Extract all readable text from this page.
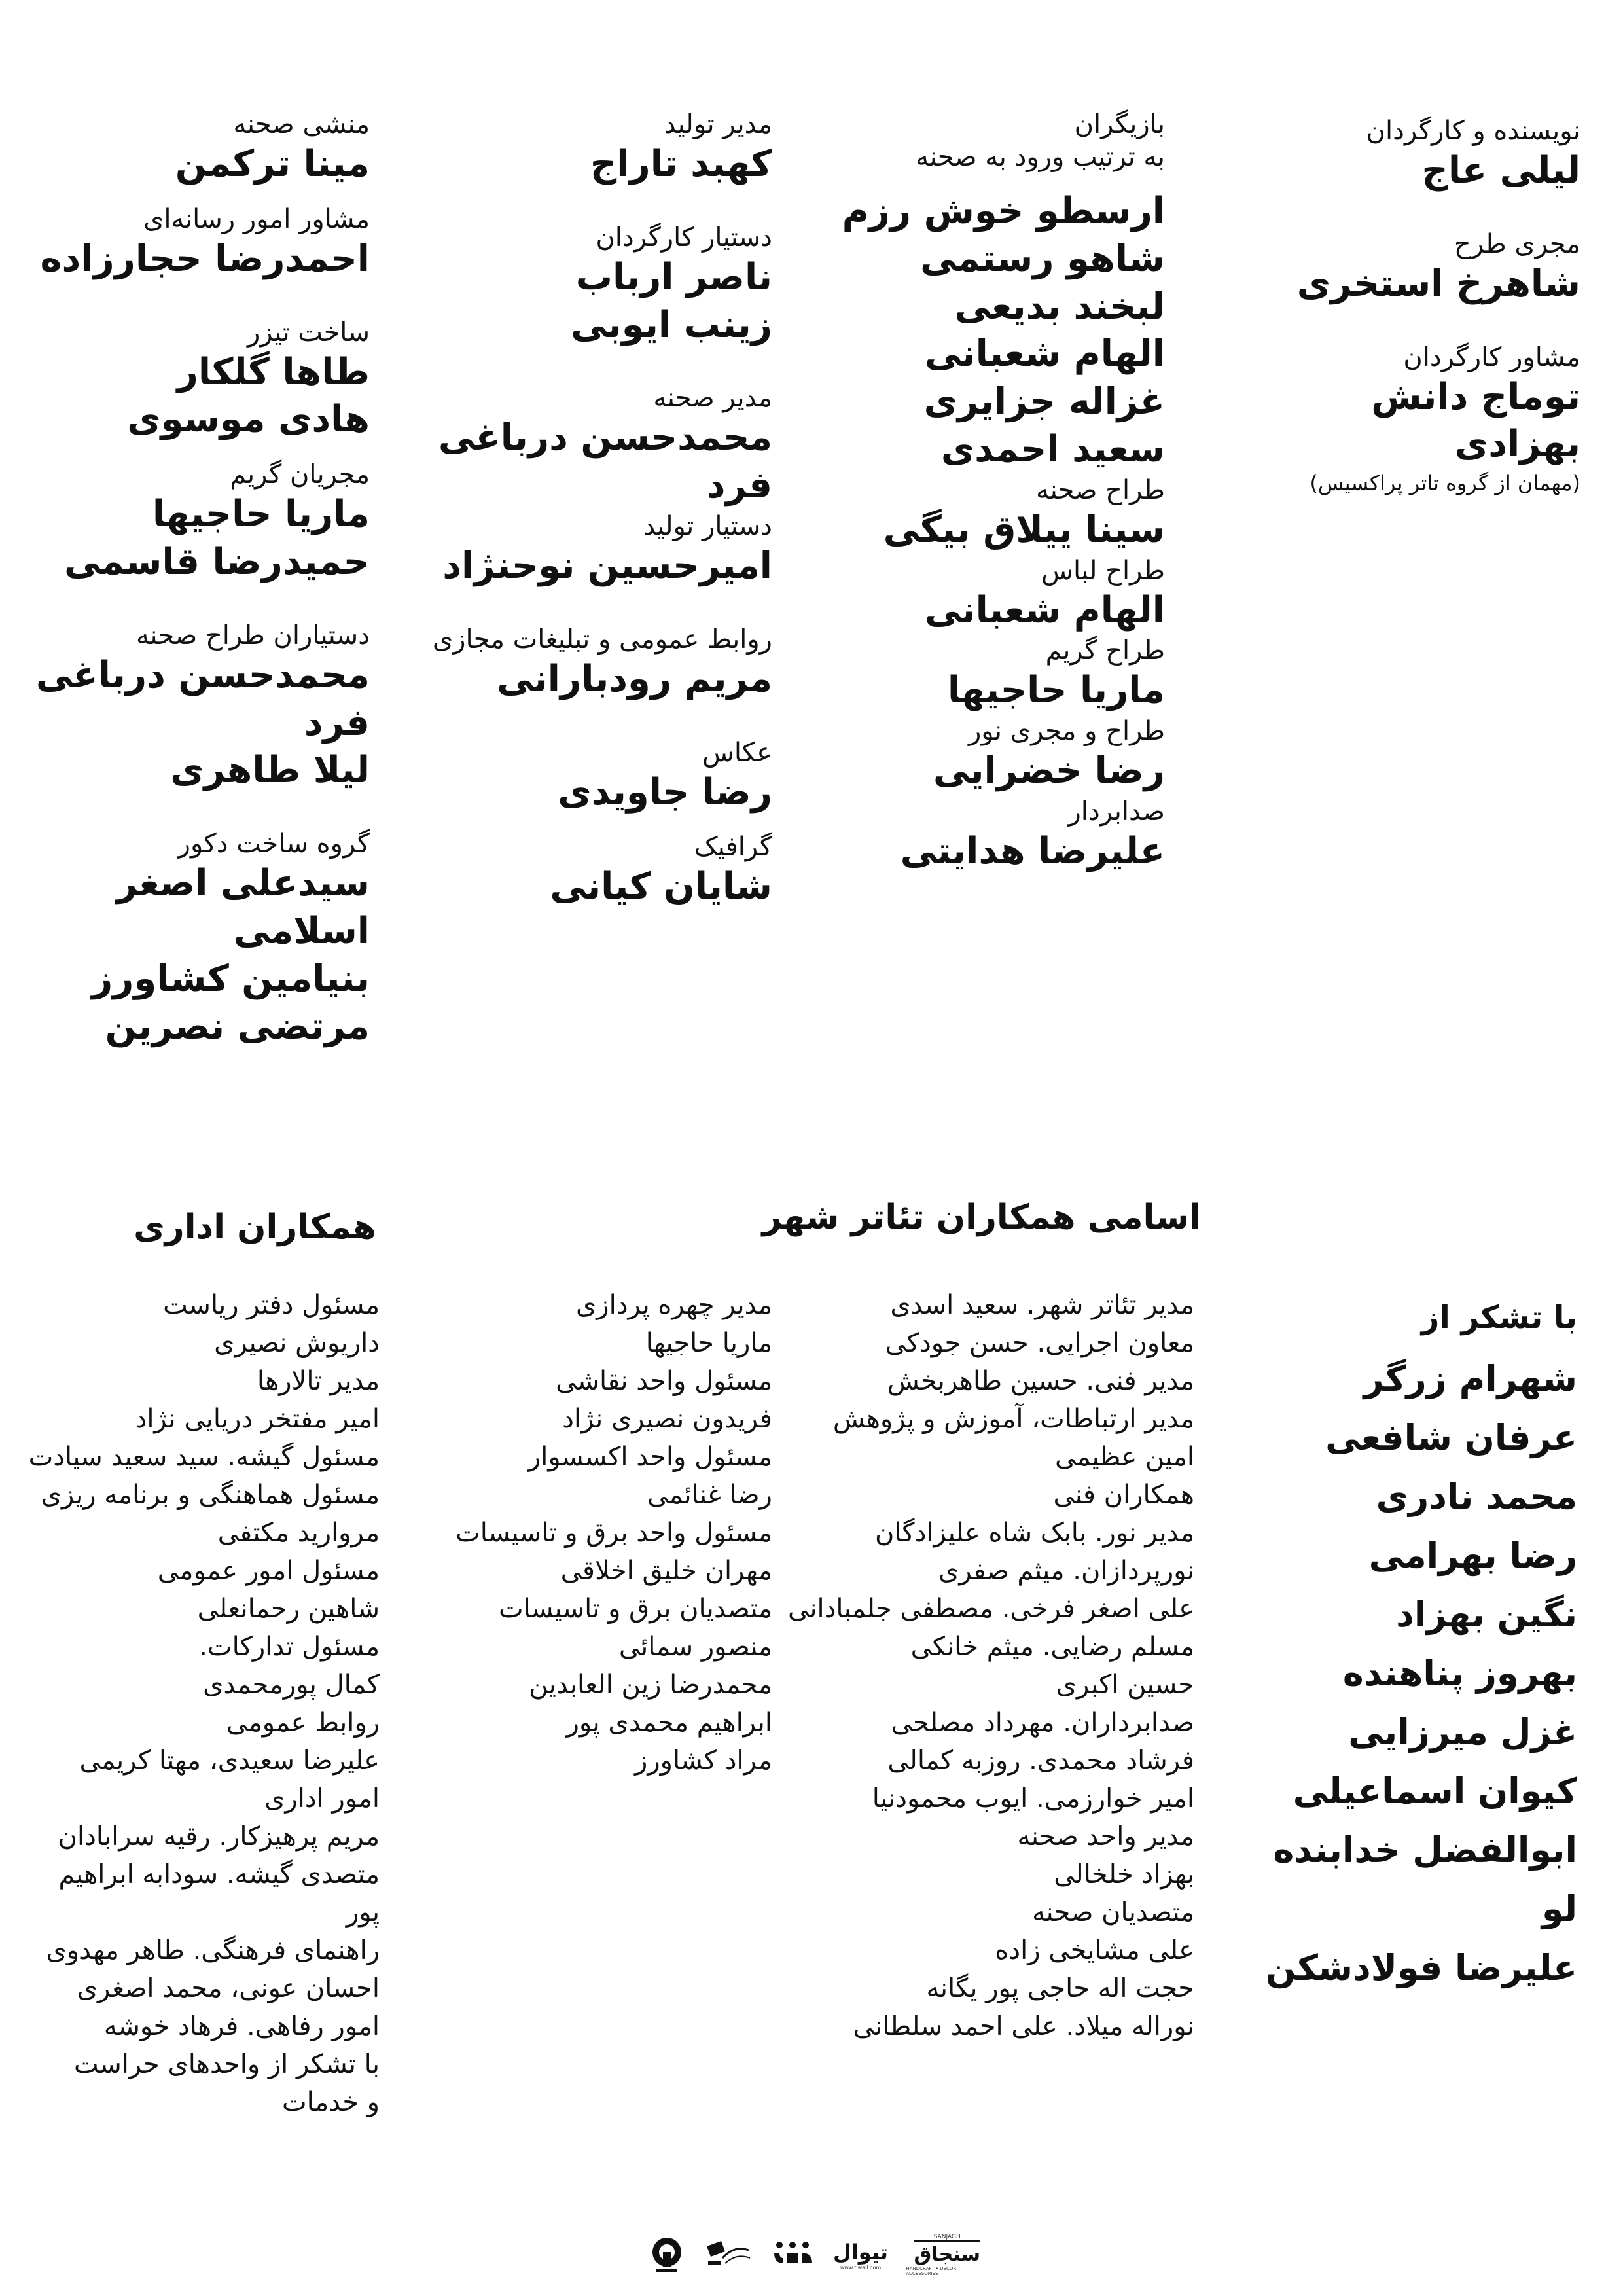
نویسنده و کارگردان
لیلی عاج
مجری طرح
شاهرخ استخری
مشاور کارگردان
توماج دانش بهزادی
(مهمان از گروه تاتر پراکسیس)
بازیگران
به ترتیب ورود به صحنه
ارسطو خوش رزم
شاهو رستمی
لبخند بدیعی
الهام شعبانی
غزاله جزایری
سعید احمدی
طراح صحنه
سینا ییلاق بیگی
طراح لباس
الهام شعبانی
طراح گریم
ماریا حاجیها
طراح و مجری نور
رضا خضرایی
صدابردار
علیرضا هدایتی
مدیر تولید
کهبد تاراج
دستیار کارگردان
ناصر ارباب
زینب ایوبی
مدیر صحنه
محمدحسن درباغی فرد
دستیار تولید
امیرحسین نوحنژاد
روابط عمومی و تبلیغات مجازی
مریم رودبارانی
عکاس
رضا جاویدی
گرافیک
شایان کیانی
منشی صحنه
مینا ترکمن
مشاور امور رسانه‌ای
احمدرضا حجارزاده
ساخت تیزر
طاها گلکار
هادی موسوی
مجریان گریم
ماریا حاجیها
حمیدرضا قاسمی
دستیاران طراح صحنه
محمدحسن درباغی فرد
لیلا طاهری
گروه ساخت دکور
سیدعلی اصغر اسلامی
بنیامین کشاورز
مرتضی نصرین
اسامی همکاران تئاتر شهر
همکاران اداری
با تشکر از
شهرام زرگر
عرفان شافعی
محمد نادری
رضا بهرامی
نگین بهزاد
بهروز پناهنده
غزل میرزایی
کیوان اسماعیلی
ابوالفضل خدابنده لو
علیرضا فولادشکن
مدیر تئاتر شهر. سعید اسدی
معاون اجرایی. حسن جودکی
مدیر فنی. حسین طاهربخش
مدیر ارتباطات، آموزش و پژوهش
امین عظیمی
همکاران فنی
مدیر نور. بابک شاه علیزادگان
نورپردازان. میثم صفری
علی اصغر فرخی. مصطفی جلمبادانی
مسلم رضایی. میثم خانکی
حسین اکبری
صدابرداران. مهرداد مصلحی
فرشاد محمدی. روزبه کمالی
امیر خوارزمی. ایوب محمودنیا
مدیر واحد صحنه
بهزاد خلخالی
متصدیان صحنه
علی مشایخی زاده
حجت اله حاجی پور یگانه
نوراله میلاد. علی احمد سلطانی
مدیر چهره پردازی
ماریا حاجیها
مسئول واحد نقاشی
فریدون نصیری نژاد
مسئول واحد اکسسوار
رضا غنائمی
مسئول واحد برق و تاسیسات
مهران خلیق اخلاقی
متصدیان برق و تاسیسات
منصور سمائی
محمدرضا زین العابدین
ابراهیم محمدی پور
مراد کشاورز
مسئول دفتر ریاست
داریوش نصیری
مدیر تالارها
امیر مفتخر دریایی نژاد
مسئول گیشه. سید سعید سیادت
مسئول هماهنگی و برنامه ریزی
مروارید مکتفی
مسئول امور عمومی
شاهین رحمانعلی
مسئول تدارکات.
کمال پورمحمدی
روابط عمومی
علیرضا سعیدی، مهتا کریمی
امور اداری
مریم پرهیزکار. رقیه سرابادان
متصدی گیشه. سودابه ابراهیم پور
راهنمای فرهنگی. طاهر مهدوی
احسان عونی، محمد اصغری
امور رفاهی. فرهاد خوشه
با تشکر از واحدهای حراست
و خدمات
SANJAGH
سنجاق
HANDCRAFT • DECOR ACCESSORIES
تیوال
www.tiwall.com
